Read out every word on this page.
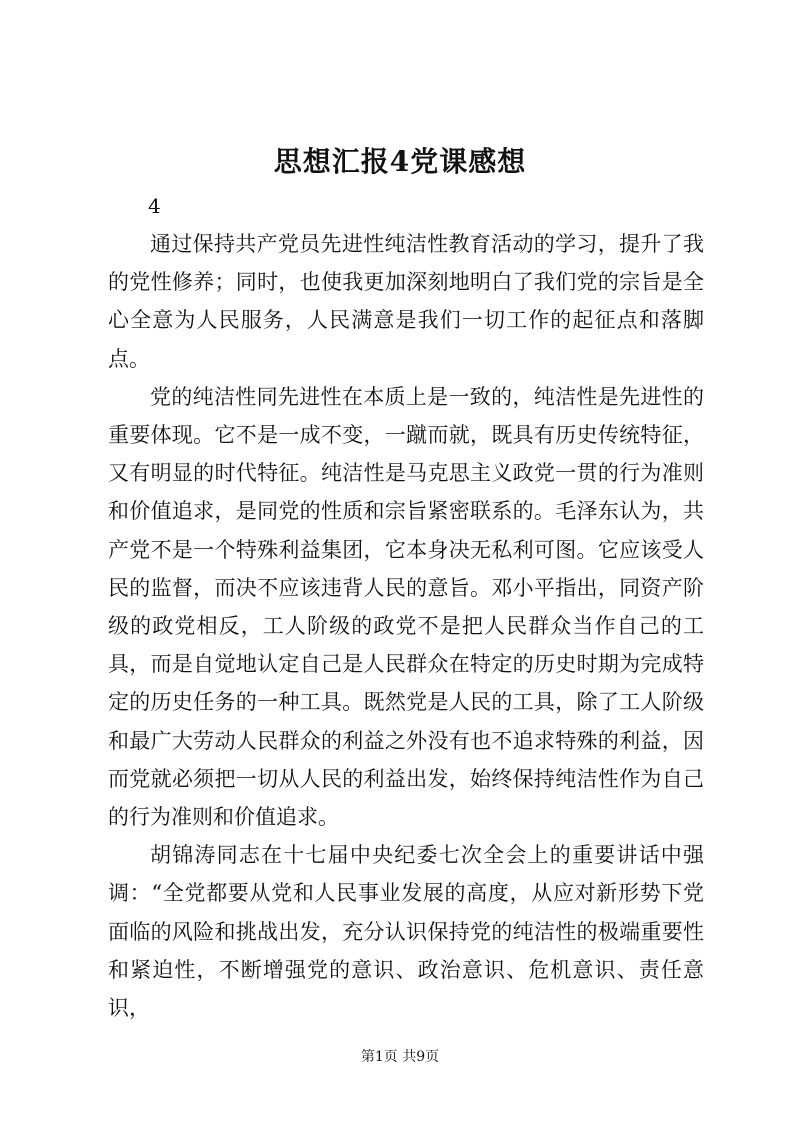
思想汇报4党课感想
4

通过保持共产党员先进性纯洁性教育活动的学习，提升了我的党性修养；同时，也使我更加深刻地明白了我们党的宗旨是全心全意为人民服务，人民满意是我们一切工作的起征点和落脚点。

党的纯洁性同先进性在本质上是一致的，纯洁性是先进性的重要体现。它不是一成不变，一蹴而就，既具有历史传统特征，又有明显的时代特征。纯洁性是马克思主义政党一贯的行为准则和价值追求，是同党的性质和宗旨紧密联系的。毛泽东认为，共产党不是一个特殊利益集团，它本身决无私利可图。它应该受人民的监督，而决不应该违背人民的意旨。邓小平指出，同资产阶级的政党相反，工人阶级的政党不是把人民群众当作自己的工具，而是自觉地认定自己是人民群众在特定的历史时期为完成特定的历史任务的一种工具。既然党是人民的工具，除了工人阶级和最广大劳动人民群众的利益之外没有也不追求特殊的利益，因而党就必须把一切从人民的利益出发，始终保持纯洁性作为自己的行为准则和价值追求。

胡锦涛同志在十七届中央纪委七次全会上的重要讲话中强调：“全党都要从党和人民事业发展的高度，从应对新形势下党面临的风险和挑战出发，充分认识保持党的纯洁性的极端重要性和紧迫性，不断增强党的意识、政治意识、危机意识、责任意识，

第1页 共9页
